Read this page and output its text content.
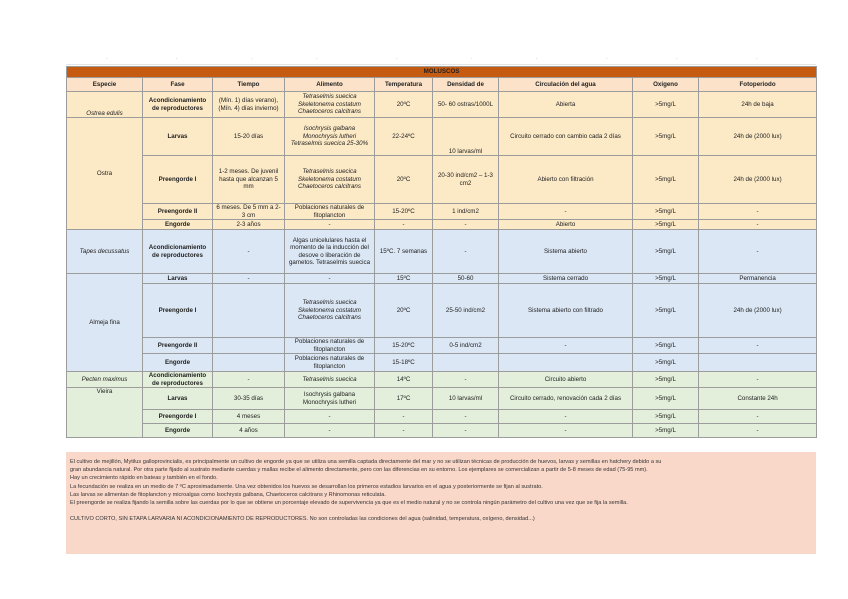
·	·	·	·	·	·	·	·	·	·
MOLUSCOS								
Especie	Fase	Tiempo	Alimento	Temperatura	Densidad de	Circulación del agua	Oxígeno	Fotoperiodo
Ostrea edulis	Acondicionamiento de reproductores	(Mín. 1) días verano), (Mín. 4) días invierno)	Tetraselmis suecica Skeletonema costatum Chaetoceros calcitrans	20ºC	50- 60 ostras/1000L	Abierta	>5mg/L	24h de baja
Ostra	Larvas	15-20 días	Isochrysis galbana Monochrysis lutheri Tetraselmis suecica 25-30%	22-24ºC	10 larvas/ml	Circuito cerrado con cambio cada 2 días	>5mg/L	24h de (2000 lux)
	Preengorde I	1-2 meses. De juvenil hasta que alcanzan 5 mm	Tetraselmis suecica Skeletonema costatum Chaetoceros calcitrans	20ºC	20-30 ind/cm2 – 1-3 cm2	Abierto con filtración	>5mg/L	24h de (2000 lux)
	Preengorde II	6 meses. De 5 mm a 2-3 cm	Poblaciones naturales de fitoplancton	15-20ºC	1 ind/cm2	-	>5mg/L	-
	Engorde	2-3 años	-	-	-	Abierto	>5mg/L	-
Tapes decussatus	Acondicionamiento de reproductores	-	Algas unicelulares hasta el momento de la inducción del desove o liberación de gametos. Tetraselmis suecica	15ºC. 7 semanas	-	Sistema abierto	>5mg/L	-
Almeja fina	Larvas	-	-	15ºC	50-60	Sistema cerrado	>5mg/L	Permanencia
	Preengorde I		Tetraselmis suecica Skeletonema costatum Chaetoceros calcitrans	20ºC	25-50 ind/cm2	Sistema abierto con filtrado	>5mg/L	24h de (2000 lux)
	Preengorde II		Poblaciones naturales de fitoplancton	15-20ºC	0-5 ind/cm2	-	>5mg/L	-
	Engorde		Poblaciones naturales de fitoplancton	15-18ºC			>5mg/L	
Pecten maximus	Acondicionamiento de reproductores	-	Tetraselmis suecica	14ºC	-	Circuito abierto	>5mg/L	-
Vieira	Larvas	30-35 días	Isochrysis galbana Monochrysis lutheri	17ºC	10 larvas/ml	Circuito cerrado, renovación cada 2 días	>5mg/L	Constante 24h
	Preengorde I	4 meses	-	-	-	-	>5mg/L	-
	Engorde	4 años	-	-	-	-	>5mg/L	-

El cultivo de mejillón, Mytilus galloprovincialis, es principalmente un cultivo de engorde ya que se utiliza una semilla captada directamente del mar y no se utilizan técnicas de producción de huevos, larvas y semillas en hatchery debido a su

gran abundancia natural. Por otra parte fijado al sustrato mediante cuerdas y mallas recibe el alimento directamente, pero con las diferencias en su entorno. Los ejemplares se comercializan a partir de 5-8 meses de edad (75-95 mm).

Hay un crecimiento rápido en bateas y también en el fondo.

La fecundación se realiza en un medio de 7 ºC aproximadamente. Una vez obtenidos los huevos se desarrollan los primeros estadios larvarios en el agua y posteriormente se fijan al sustrato.

Las larvas se alimentan de fitoplancton y microalgas como Isochrysis galbana, Chaetoceros calcitrans y Rhinomonas reticulata.

El preengorde se realiza fijando la semilla sobre las cuerdas por lo que se obtiene un porcentaje elevado de supervivencia ya que es el medio natural y no se controla ningún parámetro del cultivo una vez que se fija la semilla.

CULTIVO CORTO, SIN ETAPA LARVARIA NI ACONDICIONAMIENTO DE REPRODUCTORES. No son controladas las condiciones del agua (salinidad, temperatura, oxígeno, densidad...)
